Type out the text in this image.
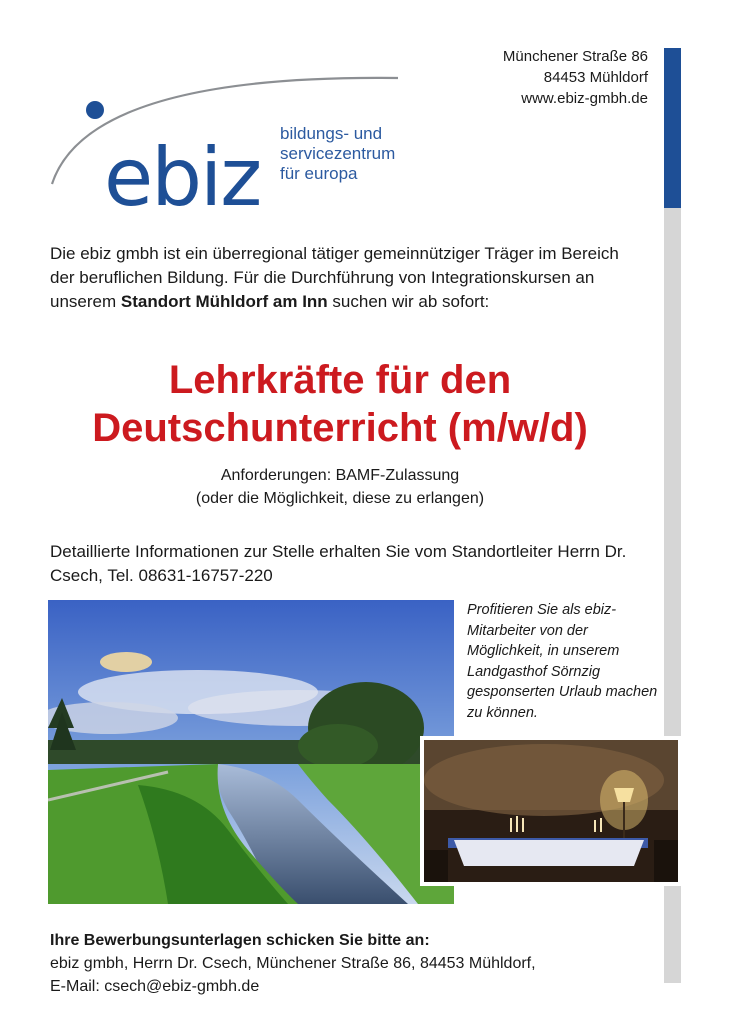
ebiz bildungs- und
servicezentrum
für europa
Münchener Straße 86
84453 Mühldorf
www.ebiz-gmbh.de
Die ebiz gmbh ist ein überregional tätiger gemeinnütziger Träger im Bereich der beruflichen Bildung. Für die Durchführung von Integrationskursen an unserem Standort Mühldorf am Inn suchen wir ab sofort:
Lehrkräfte für den
Deutschunterricht (m/w/d)
Anforderungen: BAMF-Zulassung
(oder die Möglichkeit, diese zu erlangen)
Detaillierte Informationen zur Stelle erhalten Sie vom Standortleiter Herrn Dr. Csech, Tel. 08631-16757-220
Profitieren Sie als ebiz-Mitarbeiter von der Möglichkeit, in unserem Landgasthof Sörnzig gesponserten Urlaub machen zu können.
Ihre Bewerbungsunterlagen schicken Sie bitte an:
ebiz gmbh, Herrn Dr. Csech, Münchener Straße 86, 84453 Mühldorf,
E-Mail: csech@ebiz-gmbh.de
